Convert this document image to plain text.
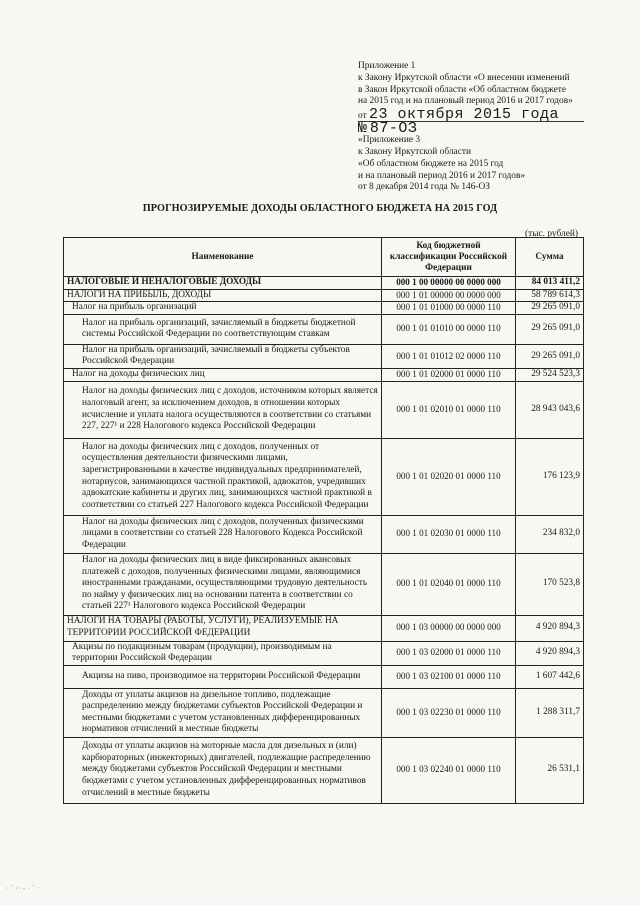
Приложение 1
к Закону Иркутской области «О внесении изменений
в Закон Иркутской области «Об областном бюджете
на 2015 год и на плановый период 2016 и 2017 годов»
от 23 октября 2015 года
№ 87-ОЗ
«Приложение 3
к Закону Иркутской области
«Об областном бюджете на 2015 год
и на плановый период 2016 и 2017 годов»
от 8 декабря 2014 года № 146-ОЗ
ПРОГНОЗИРУЕМЫЕ ДОХОДЫ ОБЛАСТНОГО БЮДЖЕТА НА 2015 ГОД
(тыс. рублей)
Наименование	Код бюджетной классификации Российской Федерации	Сумма
НАЛОГОВЫЕ И НЕНАЛОГОВЫЕ ДОХОДЫ	000 1 00 00000 00 0000 000	84 013 411,2
НАЛОГИ НА ПРИБЫЛЬ, ДОХОДЫ	000 1 01 00000 00 0000 000	58 789 614,3
Налог на прибыль организаций	000 1 01 01000 00 0000 110	29 265 091,0
Налог на прибыль организаций, зачисляемый в бюджеты бюджетной системы Российской Федерации по соответствующим ставкам	000 1 01 01010 00 0000 110	29 265 091,0
Налог на прибыль организаций, зачисляемый в бюджеты субъектов Российской Федерации	000 1 01 01012 02 0000 110	29 265 091,0
Налог на доходы физических лиц	000 1 01 02000 01 0000 110	29 524 523,3
Налог на доходы физических лиц с доходов, источником которых является налоговый агент, за исключением доходов, в отношении которых исчисление и уплата налога осуществляются в соответствии со статьями 227, 227¹ и 228 Налогового кодекса Российской Федерации	000 1 01 02010 01 0000 110	28 943 043,6
Налог на доходы физических лиц с доходов, полученных от осуществления деятельности физическими лицами, зарегистрированными в качестве индивидуальных предпринимателей, нотариусов, занимающихся частной практикой, адвокатов, учредивших адвокатские кабинеты и других лиц, занимающихся частной практикой в соответствии со статьей 227 Налогового кодекса Российской Федерации	000 1 01 02020 01 0000 110	176 123,9
Налог на доходы физических лиц с доходов, полученных физическими лицами в соответствии со статьей 228 Налогового Кодекса Российской Федерации	000 1 01 02030 01 0000 110	234 832,0
Налог на доходы физических лиц в виде фиксированных авансовых платежей с доходов, полученных физическими лицами, являющимися иностранными гражданами, осуществляющими трудовую деятельность по найму у физических лиц на основании патента в соответствии со статьей 227¹ Налогового кодекса Российской Федерации	000 1 01 02040 01 0000 110	170 523,8
НАЛОГИ НА ТОВАРЫ (РАБОТЫ, УСЛУГИ), РЕАЛИЗУЕМЫЕ НА ТЕРРИТОРИИ РОССИЙСКОЙ ФЕДЕРАЦИИ	000 1 03 00000 00 0000 000	4 920 894,3
Акцизы по подакцизным товарам (продукции), производимым на территории Российской Федерации	000 1 03 02000 01 0000 110	4 920 894,3
Акцизы на пиво, производимое на территории Российской Федерации	000 1 03 02100 01 0000 110	1 607 442,6
Доходы от уплаты акцизов на дизельное топливо, подлежащие распределению между бюджетами субъектов Российской Федерации и местными бюджетами с учетом установленных дифференцированных нормативов отчислений в местные бюджеты	000 1 03 02230 01 0000 110	1 288 311,7
Доходы от уплаты акцизов на моторные масла для дизельных и (или) карбюраторных (инжекторных) двигателей, подлежащие распределению между бюджетами субъектов Российской Федерации и местными бюджетами с учетом установленных дифференцированных нормативов отчислений в местные бюджеты	000 1 03 02240 01 0000 110	26 531,1
· ˊ ·· ‐ · ˋ ·
